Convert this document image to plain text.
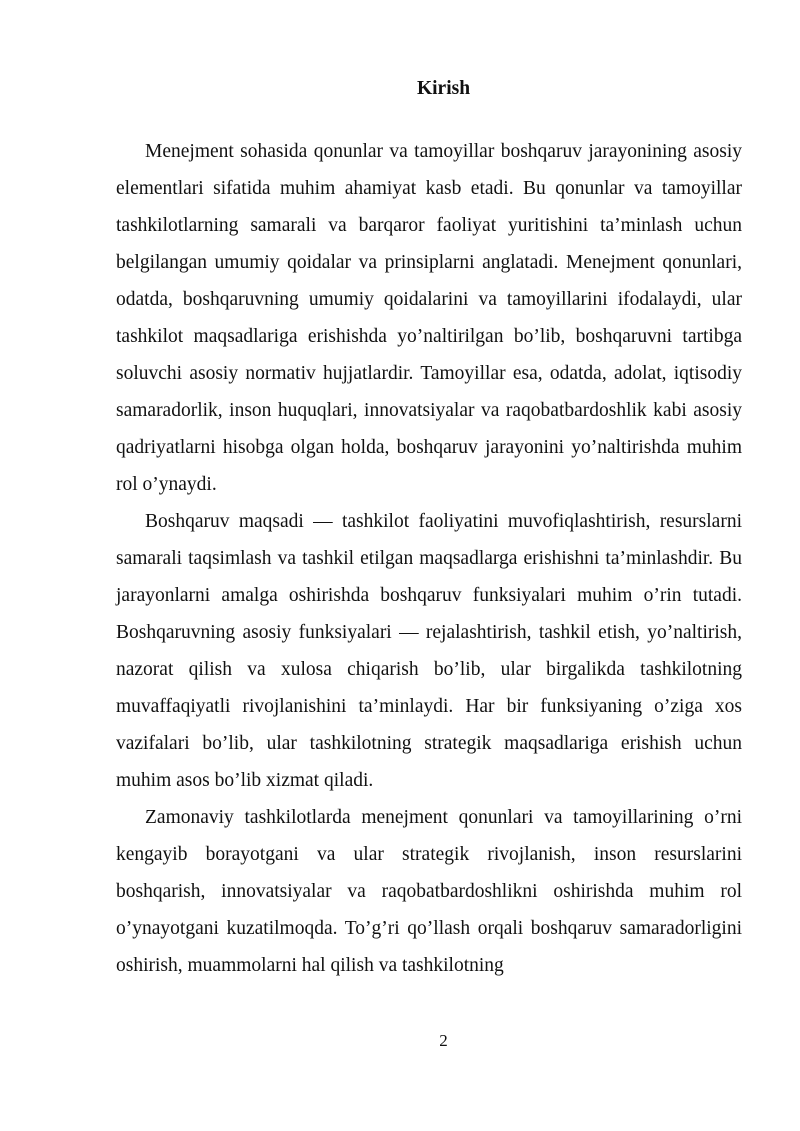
Kirish

Menejment sohasida qonunlar va tamoyillar boshqaruv jarayonining asosiy elementlari sifatida muhim ahamiyat kasb etadi. Bu qonunlar va tamoyillar tashkilotlarning samarali va barqaror faoliyat yuritishini ta’minlash uchun belgilangan umumiy qoidalar va prinsiplarni anglatadi. Menejment qonunlari, odatda, boshqaruvning umumiy qoidalarini va tamoyillarini ifodalaydi, ular tashkilot maqsadlariga erishishda yo’naltirilgan bo’lib, boshqaruvni tartibga soluvchi asosiy normativ hujjatlardir. Tamoyillar esa, odatda, adolat, iqtisodiy samaradorlik, inson huquqlari, innovatsiyalar va raqobatbardoshlik kabi asosiy qadriyatlarni hisobga olgan holda, boshqaruv jarayonini yo’naltirishda muhim rol o’ynaydi.

Boshqaruv maqsadi — tashkilot faoliyatini muvofiqlashtirish, resurslarni samarali taqsimlash va tashkil etilgan maqsadlarga erishishni ta’minlashdir. Bu jarayonlarni amalga oshirishda boshqaruv funksiyalari muhim o’rin tutadi. Boshqaruvning asosiy funksiyalari — rejalashtirish, tashkil etish, yo’naltirish, nazorat qilish va xulosa chiqarish bo’lib, ular birgalikda tashkilotning muvaffaqiyatli rivojlanishini ta’minlaydi. Har bir funksiyaning o’ziga xos vazifalari bo’lib, ular tashkilotning strategik maqsadlariga erishish uchun muhim asos bo’lib xizmat qiladi.

Zamonaviy tashkilotlarda menejment qonunlari va tamoyillarining o’rni kengayib borayotgani va ular strategik rivojlanish, inson resurslarini boshqarish, innovatsiyalar va raqobatbardoshlikni oshirishda muhim rol o’ynayotgani kuzatilmoqda. To’g’ri qo’llash orqali boshqaruv samaradorligini oshirish, muammolarni hal qilish va tashkilotning

2
